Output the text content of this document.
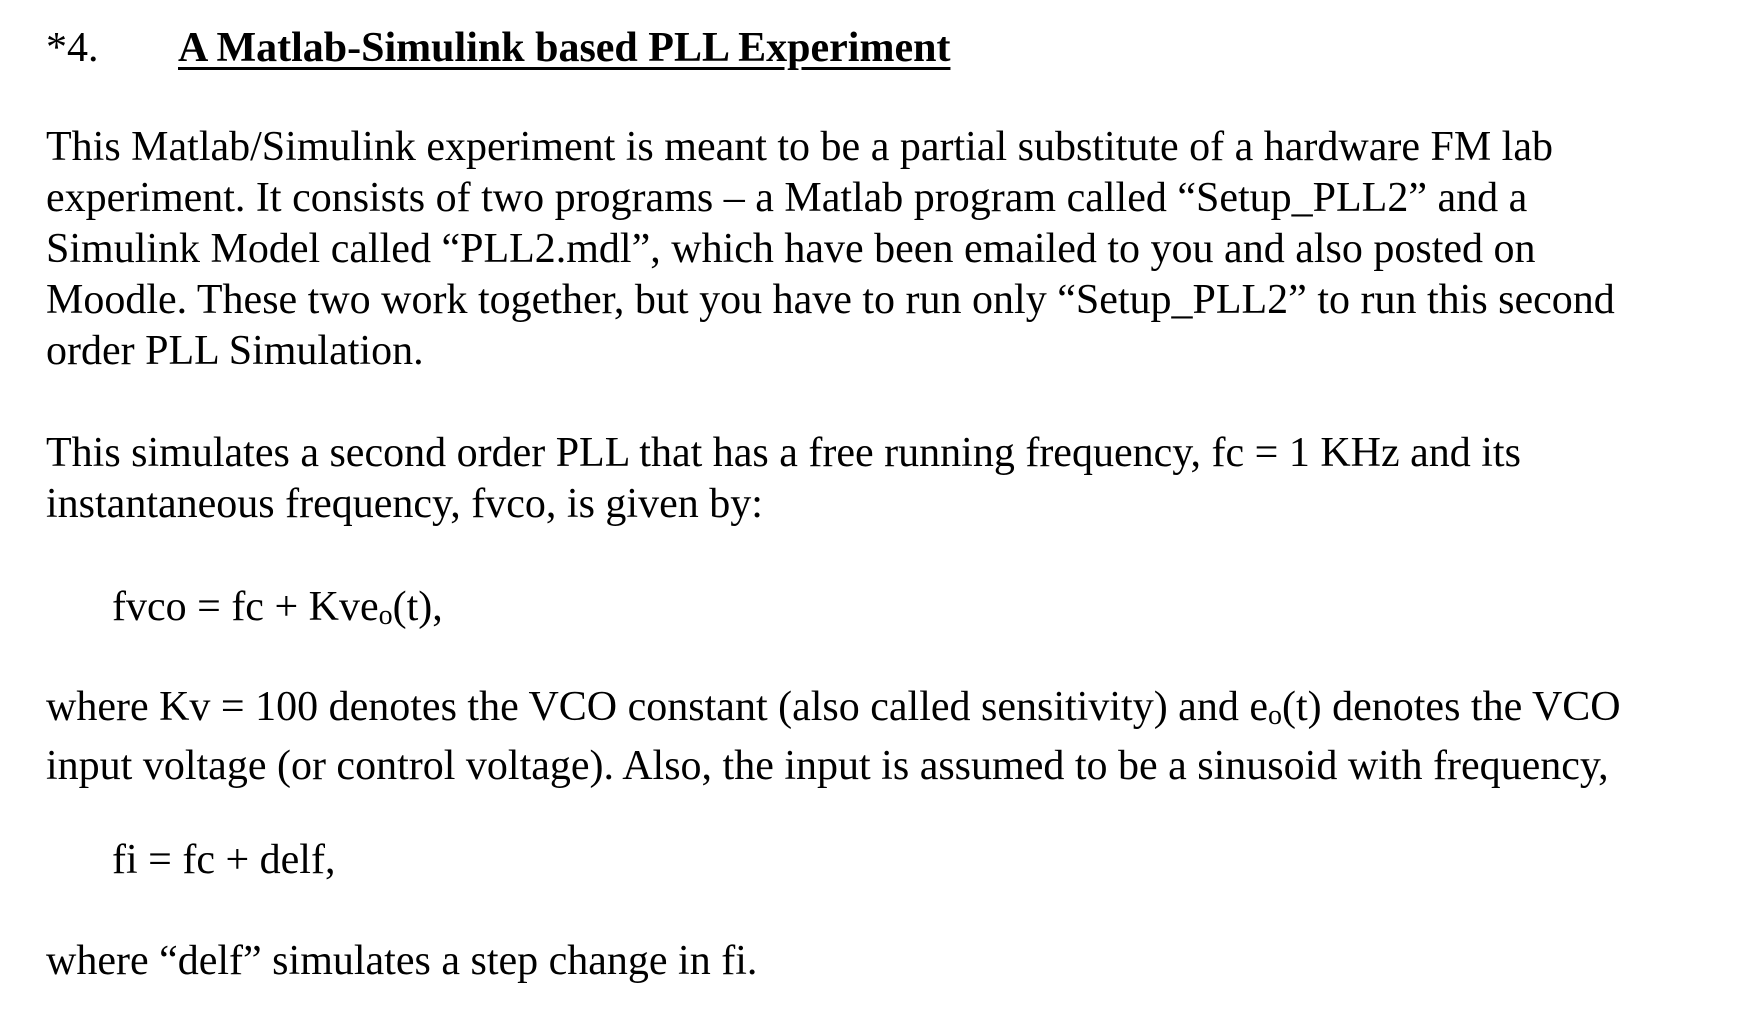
*4. A Matlab-Simulink based PLL Experiment
This Matlab/Simulink experiment is meant to be a partial substitute of a hardware FM lab
experiment. It consists of two programs – a Matlab program called “Setup_PLL2” and a
Simulink Model called “PLL2.mdl”, which have been emailed to you and also posted on
Moodle. These two work together, but you have to run only “Setup_PLL2” to run this second
order PLL Simulation.
This simulates a second order PLL that has a free running frequency, fc = 1 KHz and its
instantaneous frequency, fvco, is given by:
fvco = fc + Kveo(t),
where Kv = 100 denotes the VCO constant (also called sensitivity) and eo(t) denotes the VCO
input voltage (or control voltage). Also, the input is assumed to be a sinusoid with frequency,
fi = fc + delf,
where “delf” simulates a step change in fi.
